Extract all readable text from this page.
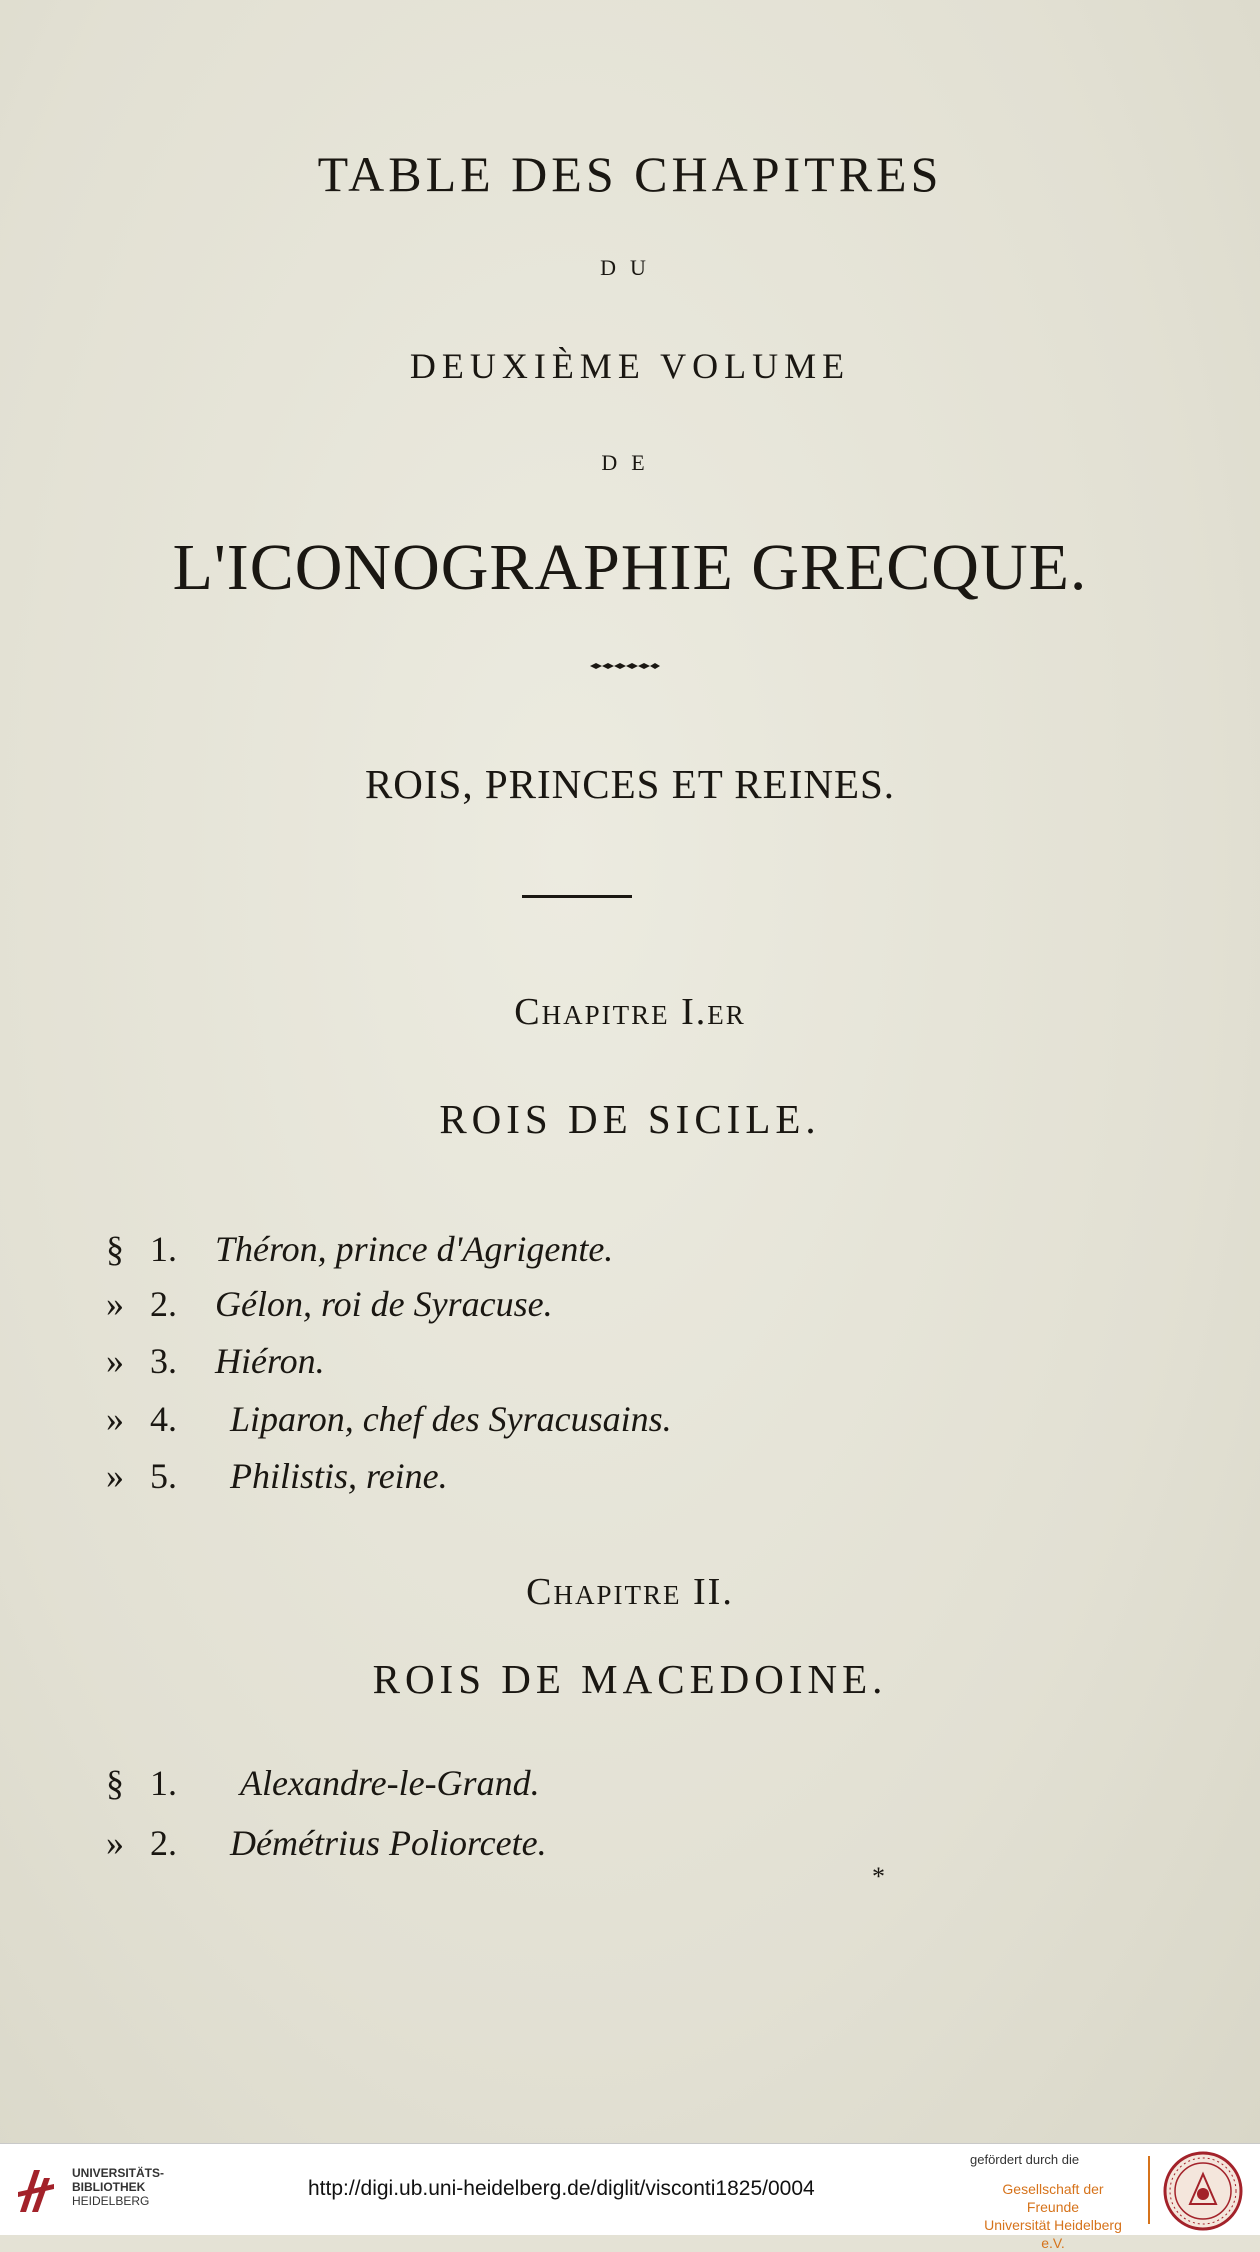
TABLE DES CHAPITRES
DU
DEUXIÈME VOLUME
DE
L'ICONOGRAPHIE GRECQUE.
ROIS, PRINCES ET REINES.
Chapitre I.er
ROIS DE SICILE.
§ 1.	Théron, prince d'Agrigente.
» 2.	Gélon, roi de Syracuse.
» 3.	Hiéron.
» 4.	Liparon, chef des Syracusains.
» 5.	Philistis, reine.
Chapitre II.
ROIS DE MACEDOINE.
§ 1.	Alexandre-le-Grand.
» 2.	Démétrius Poliorcete.
*
UNIVERSITÄTS-
BIBLIOTHEK
HEIDELBERG
http://digi.ub.uni-heidelberg.de/diglit/visconti1825/0004
gefördert durch die
Gesellschaft der Freunde
Universität Heidelberg e.V.
